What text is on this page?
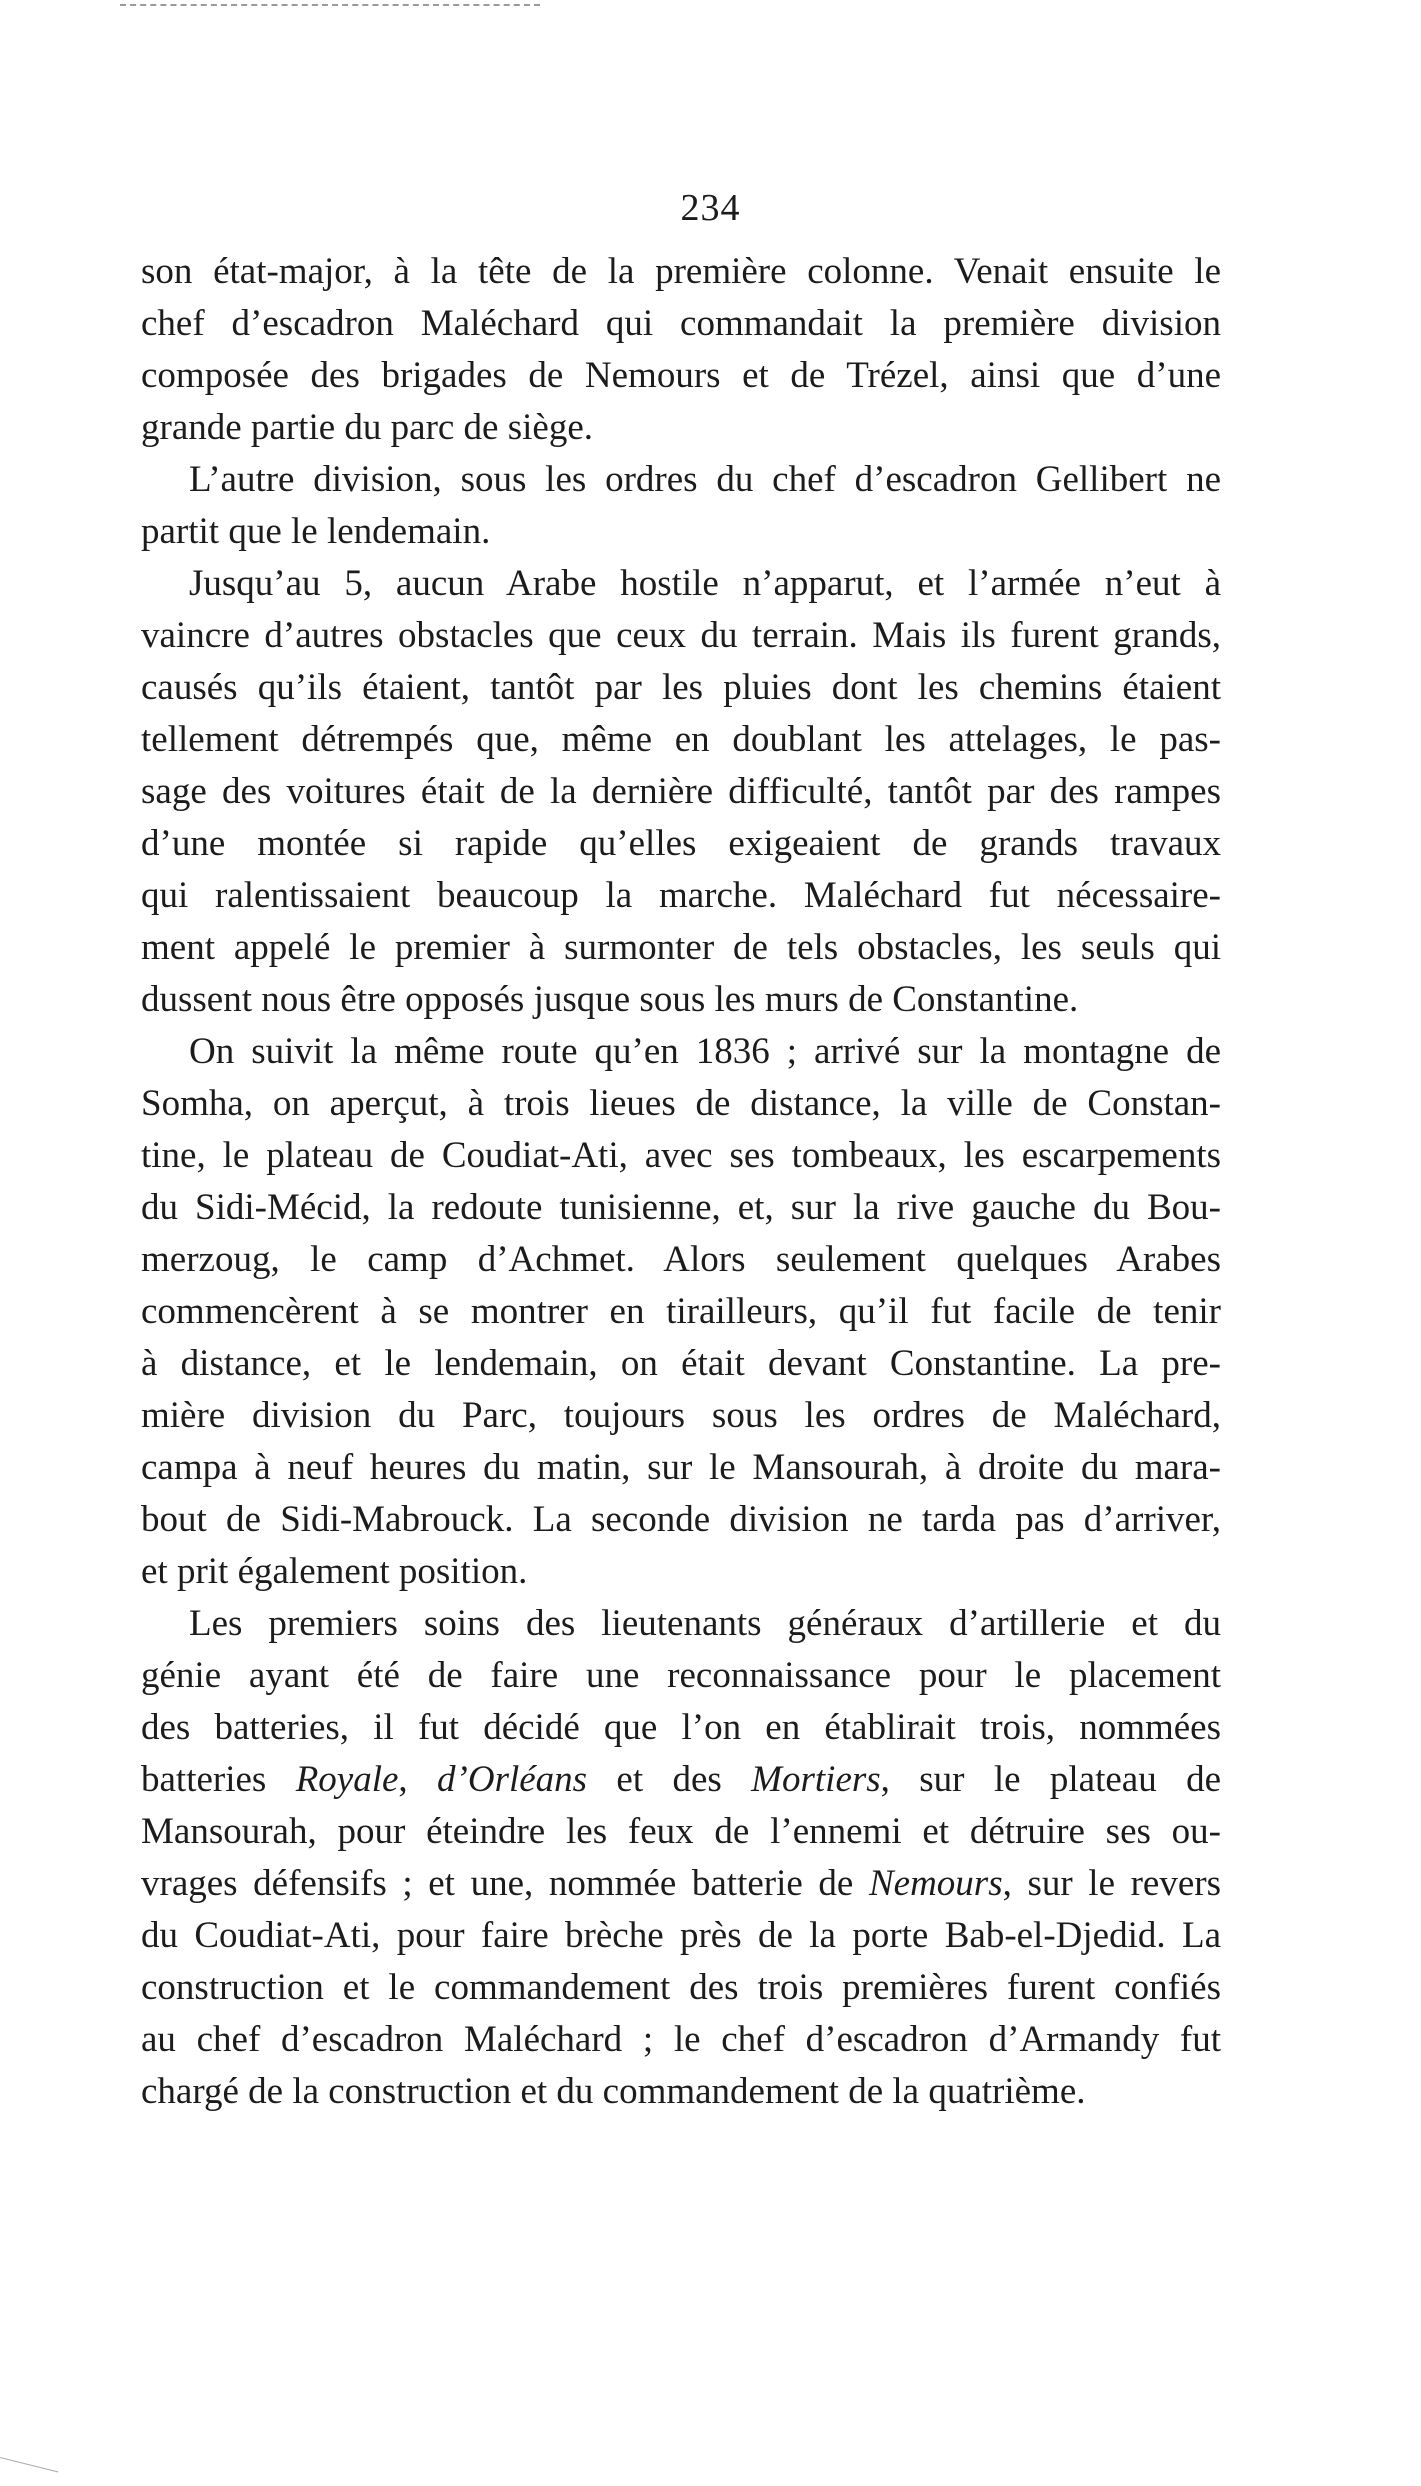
234
son état-major, à la tête de la première colonne. Venait ensuite le
chef d’escadron Maléchard qui commandait la première division
composée des brigades de Nemours et de Trézel, ainsi que d’une
grande partie du parc de siège.
L’autre division, sous les ordres du chef d’escadron Gellibert ne
partit que le lendemain.
Jusqu’au 5, aucun Arabe hostile n’apparut, et l’armée n’eut à
vaincre d’autres obstacles que ceux du terrain. Mais ils furent grands,
causés qu’ils étaient, tantôt par les pluies dont les chemins étaient
tellement détrempés que, même en doublant les attelages, le pas-
sage des voitures était de la dernière difficulté, tantôt par des rampes
d’une montée si rapide qu’elles exigeaient de grands travaux
qui ralentissaient beaucoup la marche. Maléchard fut nécessaire-
ment appelé le premier à surmonter de tels obstacles, les seuls qui
dussent nous être opposés jusque sous les murs de Constantine.
On suivit la même route qu’en 1836 ; arrivé sur la montagne de
Somha, on aperçut, à trois lieues de distance, la ville de Constan-
tine, le plateau de Coudiat-Ati, avec ses tombeaux, les escarpements
du Sidi-Mécid, la redoute tunisienne, et, sur la rive gauche du Bou-
merzoug, le camp d’Achmet. Alors seulement quelques Arabes
commencèrent à se montrer en tirailleurs, qu’il fut facile de tenir
à distance, et le lendemain, on était devant Constantine. La pre-
mière division du Parc, toujours sous les ordres de Maléchard,
campa à neuf heures du matin, sur le Mansourah, à droite du mara-
bout de Sidi-Mabrouck. La seconde division ne tarda pas d’arriver,
et prit également position.
Les premiers soins des lieutenants généraux d’artillerie et du
génie ayant été de faire une reconnaissance pour le placement
des batteries, il fut décidé que l’on en établirait trois, nommées
batteries Royale, d’Orléans et des Mortiers, sur le plateau de
Mansourah, pour éteindre les feux de l’ennemi et détruire ses ou-
vrages défensifs ; et une, nommée batterie de Nemours, sur le revers
du Coudiat-Ati, pour faire brèche près de la porte Bab-el-Djedid. La
construction et le commandement des trois premières furent confiés
au chef d’escadron Maléchard ; le chef d’escadron d’Armandy fut
chargé de la construction et du commandement de la quatrième.
